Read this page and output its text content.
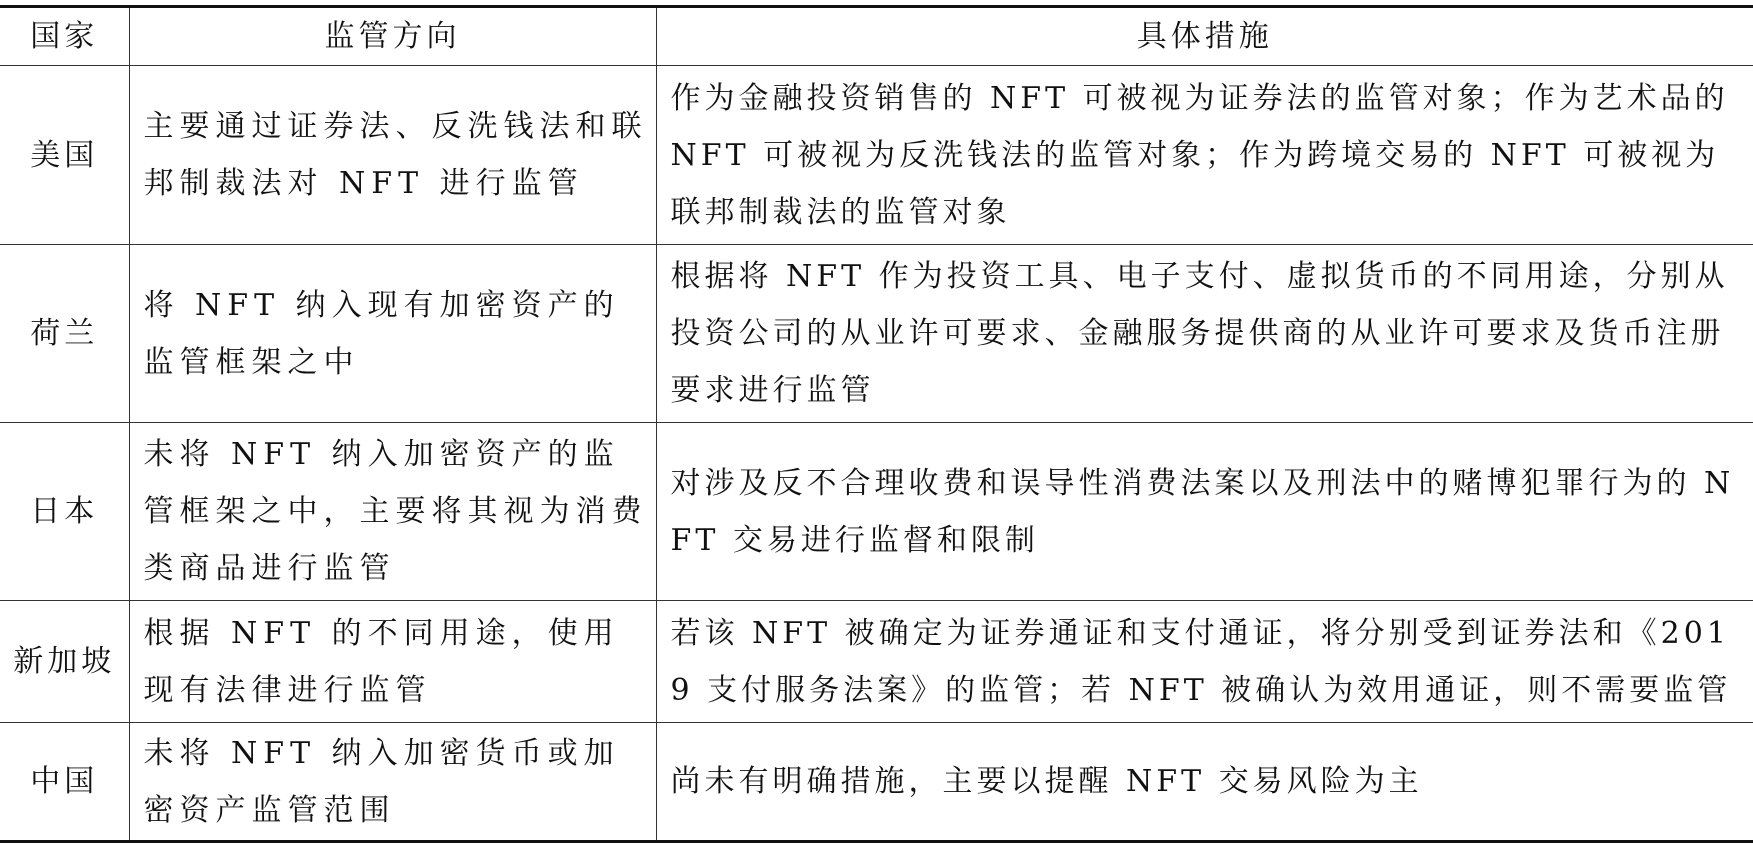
国家	监管方向	具体措施
美国	主要通过证券法、反洗钱法和联邦制裁法对 NFT 进行监管	作为金融投资销售的 NFT 可被视为证券法的监管对象；作为艺术品的 NFT 可被视为反洗钱法的监管对象；作为跨境交易的 NFT 可被视为联邦制裁法的监管对象
荷兰	将 NFT 纳入现有加密资产的监管框架之中	根据将 NFT 作为投资工具、电子支付、虚拟货币的不同用途，分别从投资公司的从业许可要求、金融服务提供商的从业许可要求及货币注册要求进行监管
日本	未将 NFT 纳入加密资产的监管框架之中，主要将其视为消费类商品进行监管	对涉及反不合理收费和误导性消费法案以及刑法中的赌博犯罪行为的 NFT 交易进行监督和限制
新加坡	根据 NFT 的不同用途，使用现有法律进行监管	若该 NFT 被确定为证券通证和支付通证，将分别受到证券法和《2019 支付服务法案》的监管；若 NFT 被确认为效用通证，则不需要监管
中国	未将 NFT 纳入加密货币或加密资产监管范围	尚未有明确措施，主要以提醒 NFT 交易风险为主
